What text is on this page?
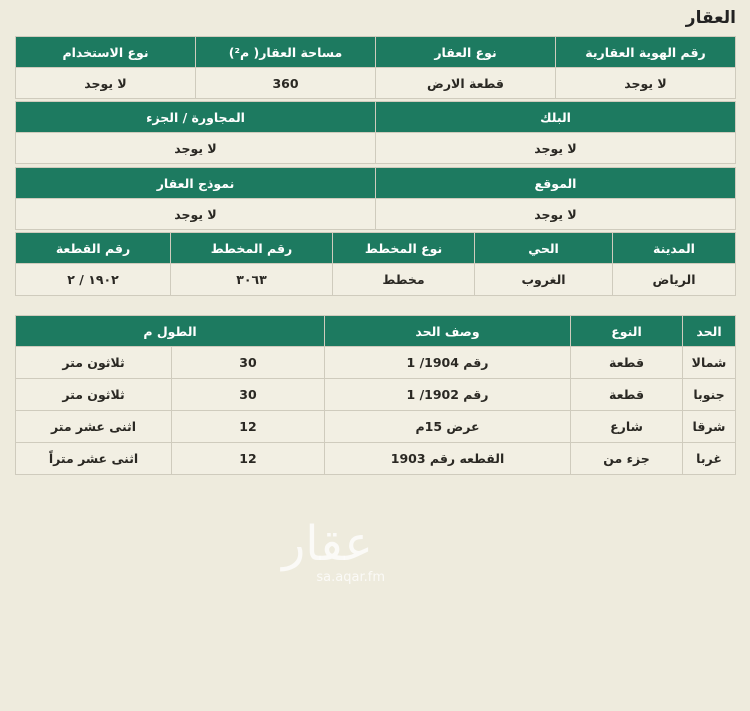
العقار
رقم الهوية العقارية
نوع العقار
مساحة العقار( م²)
نوع الاستخدام
لا يوجد
قطعة الارض
360
لا يوجد
البلك
المجاورة / الجزء
لا يوجد
لا يوجد
الموقع
نموذج العقار
لا يوجد
لا يوجد
المدينة
الحي
نوع المخطط
رقم المخطط
رقم القطعة
الرياض
الغروب
مخطط
٣٠٦٣
١٩٠٢ / ٢
الحد
النوع
وصف الحد
الطول م
شمالا
قطعة
رقم 1904/ 1
30
ثلاثون متر
جنوبا
قطعة
رقم 1902/ 1
30
ثلاثون متر
شرقا
شارع
عرض 15م
12
اثنى عشر متر
غربا
جزء من
القطعه رقم 1903
12
اثنى عشر متراً
عقار
sa.aqar.fm
